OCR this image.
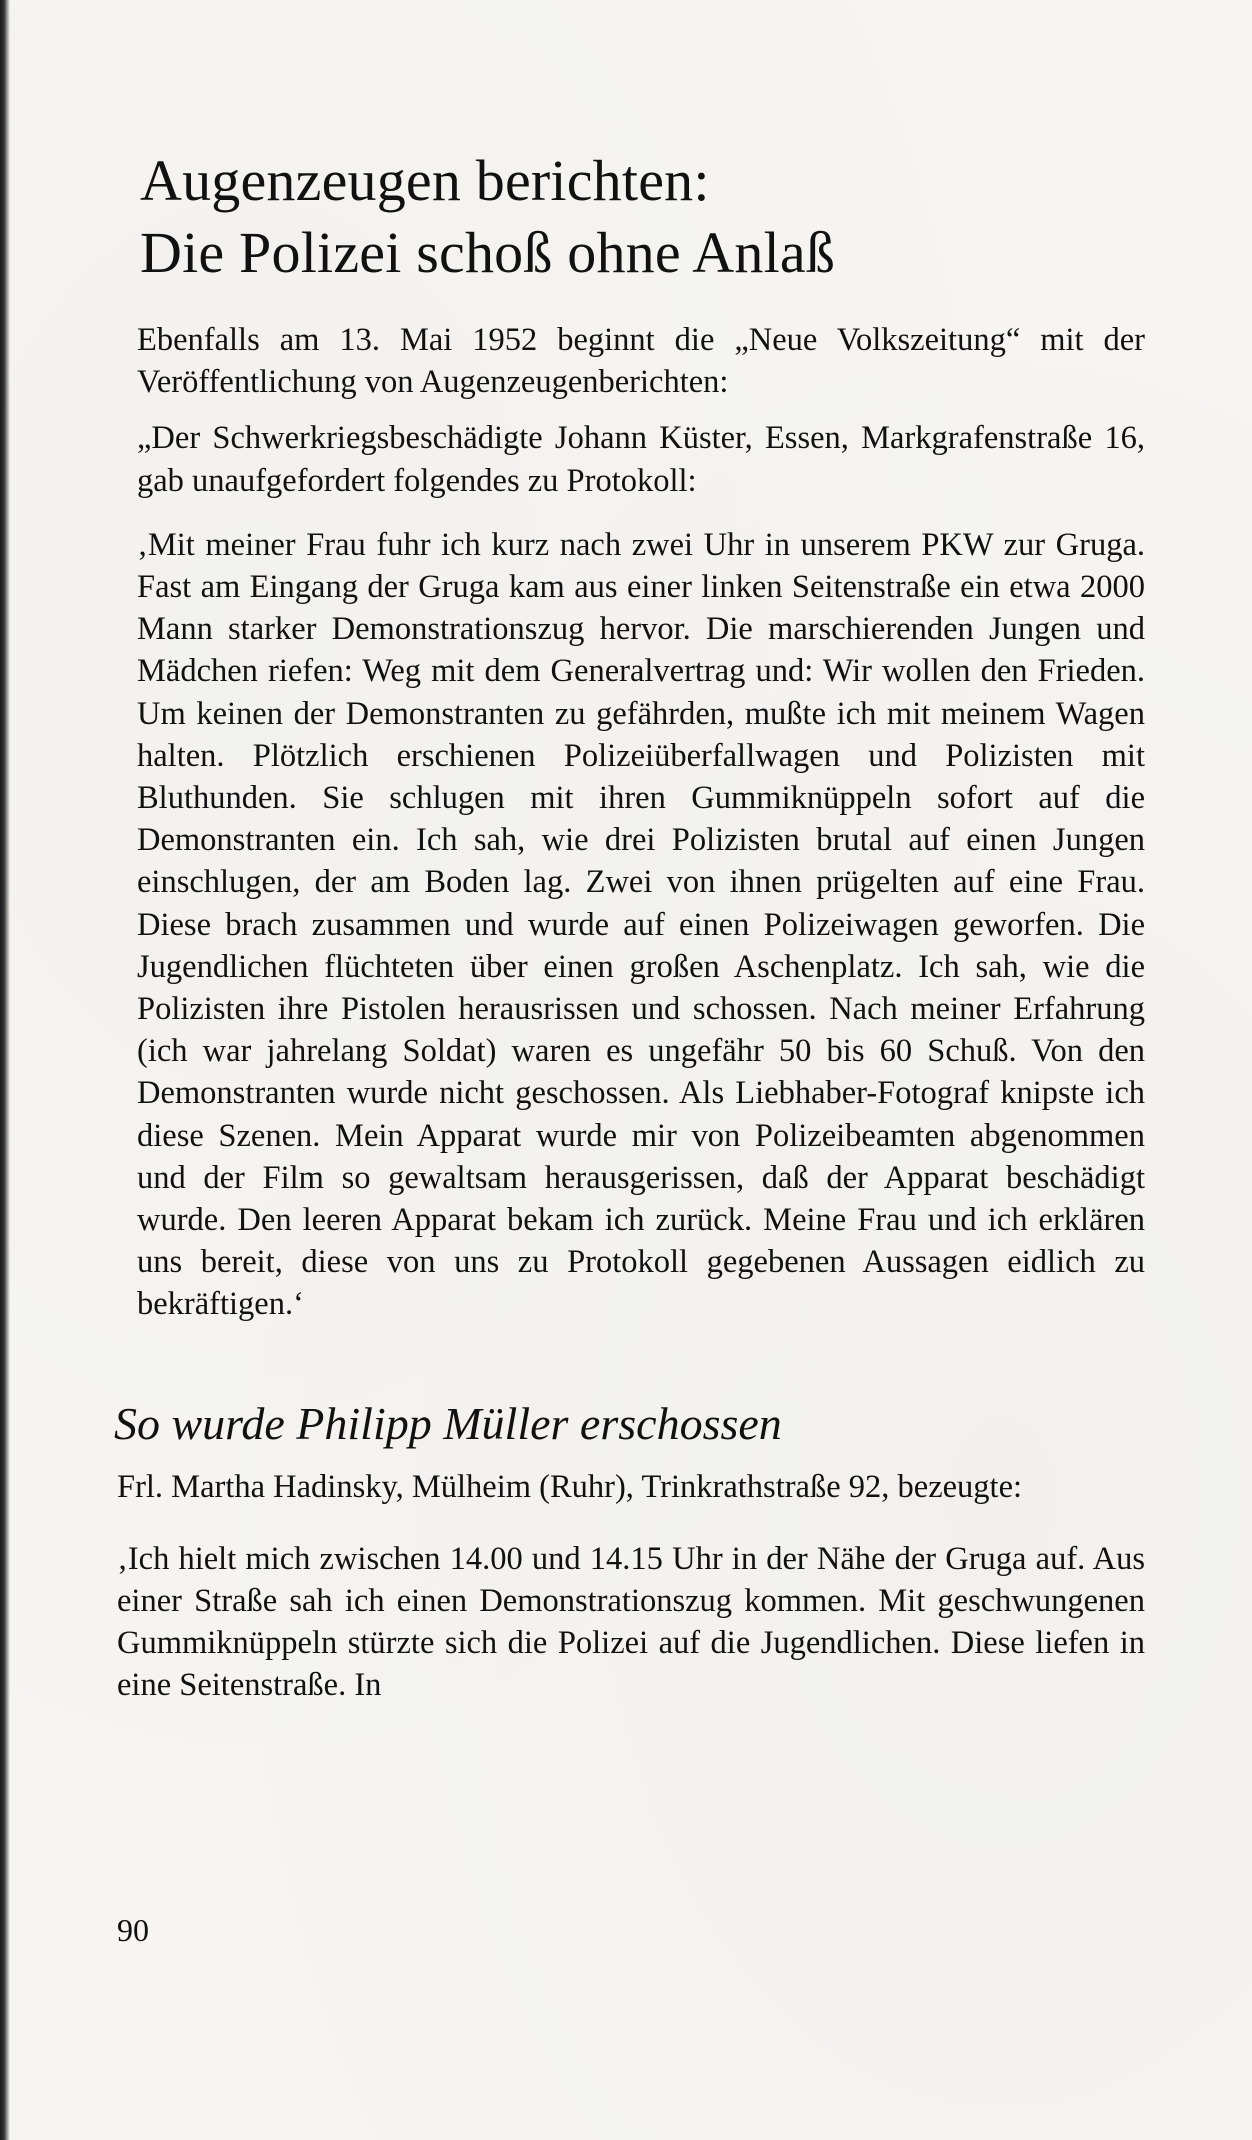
Augenzeugen berichten:
Die Polizei schoß ohne Anlaß

Ebenfalls am 13. Mai 1952 beginnt die „Neue Volkszeitung“ mit der Veröffentlichung von Augenzeugenberichten:

„Der Schwerkriegsbeschädigte Johann Küster, Essen, Markgrafenstraße 16, gab unaufgefordert folgendes zu Protokoll:

‚Mit meiner Frau fuhr ich kurz nach zwei Uhr in unserem PKW zur Gruga. Fast am Eingang der Gruga kam aus einer linken Seitenstraße ein etwa 2000 Mann starker Demonstrationszug hervor. Die marschierenden Jungen und Mädchen riefen: Weg mit dem Generalvertrag und: Wir wollen den Frieden. Um keinen der Demonstranten zu gefährden, mußte ich mit meinem Wagen halten. Plötzlich erschienen Polizeiüberfallwagen und Polizisten mit Bluthunden. Sie schlugen mit ihren Gummiknüppeln sofort auf die Demonstranten ein. Ich sah, wie drei Polizisten brutal auf einen Jungen einschlugen, der am Boden lag. Zwei von ihnen prügelten auf eine Frau. Diese brach zusammen und wurde auf einen Polizeiwagen geworfen. Die Jugendlichen flüchteten über einen großen Aschenplatz. Ich sah, wie die Polizisten ihre Pistolen herausrissen und schossen. Nach meiner Erfahrung (ich war jahrelang Soldat) waren es ungefähr 50 bis 60 Schuß. Von den Demonstranten wurde nicht geschossen. Als Liebhaber-Fotograf knipste ich diese Szenen. Mein Apparat wurde mir von Polizeibeamten abgenommen und der Film so gewaltsam herausgerissen, daß der Apparat beschädigt wurde. Den leeren Apparat bekam ich zurück. Meine Frau und ich erklären uns bereit, diese von uns zu Protokoll gegebenen Aussagen eidlich zu bekräftigen.‘

So wurde Philipp Müller erschossen

Frl. Martha Hadinsky, Mülheim (Ruhr), Trinkrathstraße 92, bezeugte:

‚Ich hielt mich zwischen 14.00 und 14.15 Uhr in der Nähe der Gruga auf. Aus einer Straße sah ich einen Demonstrationszug kommen. Mit geschwungenen Gummiknüppeln stürzte sich die Polizei auf die Jugendlichen. Diese liefen in eine Seitenstraße. In

90
